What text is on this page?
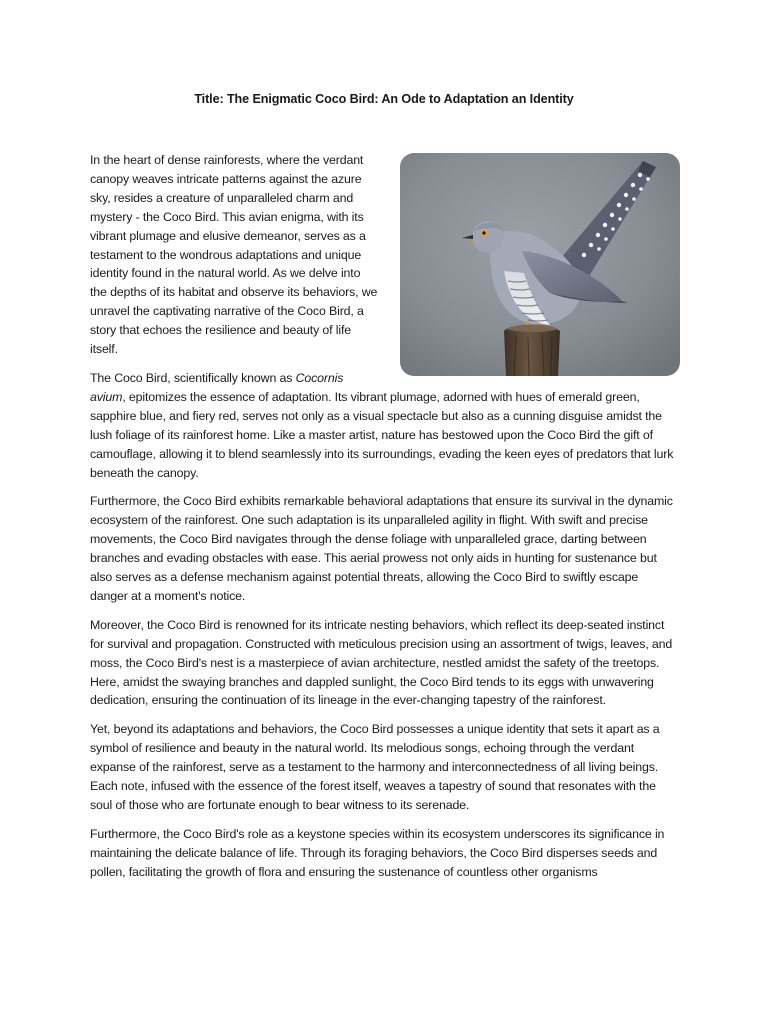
Title: The Enigmatic Coco Bird: An Ode to Adaptation an Identity

In the heart of dense rainforests, where the verdant canopy weaves intricate patterns against the azure sky, resides a creature of unparalleled charm and mystery - the Coco Bird. This avian enigma, with its vibrant plumage and elusive demeanor, serves as a testament to the wondrous adaptations and unique identity found in the natural world. As we delve into the depths of its habitat and observe its behaviors, we unravel the captivating narrative of the Coco Bird, a story that echoes the resilience and beauty of life itself.

The Coco Bird, scientifically known as Cocornis avium, epitomizes the essence of adaptation. Its vibrant plumage, adorned with hues of emerald green, sapphire blue, and fiery red, serves not only as a visual spectacle but also as a cunning disguise amidst the lush foliage of its rainforest home. Like a master artist, nature has bestowed upon the Coco Bird the gift of camouflage, allowing it to blend seamlessly into its surroundings, evading the keen eyes of predators that lurk beneath the canopy.

Furthermore, the Coco Bird exhibits remarkable behavioral adaptations that ensure its survival in the dynamic ecosystem of the rainforest. One such adaptation is its unparalleled agility in flight. With swift and precise movements, the Coco Bird navigates through the dense foliage with unparalleled grace, darting between branches and evading obstacles with ease. This aerial prowess not only aids in hunting for sustenance but also serves as a defense mechanism against potential threats, allowing the Coco Bird to swiftly escape danger at a moment's notice.

Moreover, the Coco Bird is renowned for its intricate nesting behaviors, which reflect its deep-seated instinct for survival and propagation. Constructed with meticulous precision using an assortment of twigs, leaves, and moss, the Coco Bird's nest is a masterpiece of avian architecture, nestled amidst the safety of the treetops. Here, amidst the swaying branches and dappled sunlight, the Coco Bird tends to its eggs with unwavering dedication, ensuring the continuation of its lineage in the ever-changing tapestry of the rainforest.

Yet, beyond its adaptations and behaviors, the Coco Bird possesses a unique identity that sets it apart as a symbol of resilience and beauty in the natural world. Its melodious songs, echoing through the verdant expanse of the rainforest, serve as a testament to the harmony and interconnectedness of all living beings. Each note, infused with the essence of the forest itself, weaves a tapestry of sound that resonates with the soul of those who are fortunate enough to bear witness to its serenade.

Furthermore, the Coco Bird's role as a keystone species within its ecosystem underscores its significance in maintaining the delicate balance of life. Through its foraging behaviors, the Coco Bird disperses seeds and pollen, facilitating the growth of flora and ensuring the sustenance of countless other organisms
